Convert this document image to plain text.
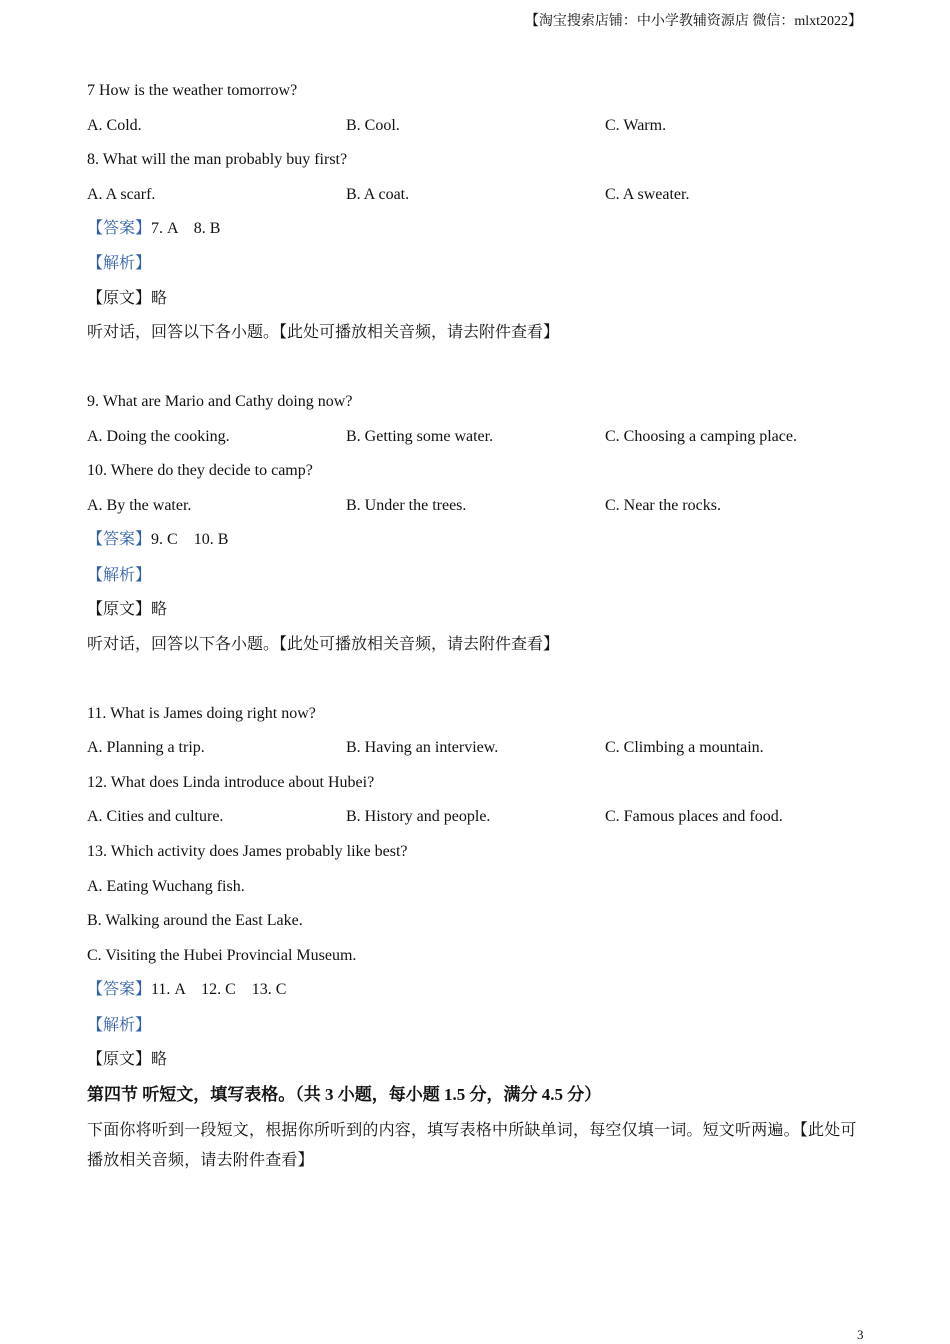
【淘宝搜索店铺：中小学教辅资源店 微信：mlxt2022】
7 How is the weather tomorrow?
A. Cold.	B. Cool.	C. Warm.
8. What will the man probably buy first?
A. A scarf.	B. A coat.	C. A sweater.
【答案】7. A    8. B
【解析】
【原文】略
听对话，回答以下各小题。【此处可播放相关音频，请去附件查看】
9. What are Mario and Cathy doing now?
A. Doing the cooking.	B. Getting some water.	C. Choosing a camping place.
10. Where do they decide to camp?
A. By the water.	B. Under the trees.	C. Near the rocks.
【答案】9. C    10. B
【解析】
【原文】略
听对话，回答以下各小题。【此处可播放相关音频，请去附件查看】
11. What is James doing right now?
A. Planning a trip.	B. Having an interview.	C. Climbing a mountain.
12. What does Linda introduce about Hubei?
A. Cities and culture.	B. History and people.	C. Famous places and food.
13. Which activity does James probably like best?
A. Eating Wuchang fish.
B. Walking around the East Lake.
C. Visiting the Hubei Provincial Museum.
【答案】11. A    12. C    13. C
【解析】
【原文】略
第四节 听短文，填写表格。（共 3 小题，每小题 1.5 分，满分 4.5 分）
下面你将听到一段短文，根据你所听到的内容，填写表格中所缺单词，每空仅填一词。短文听两遍。【此处可播放相关音频，请去附件查看】
3
